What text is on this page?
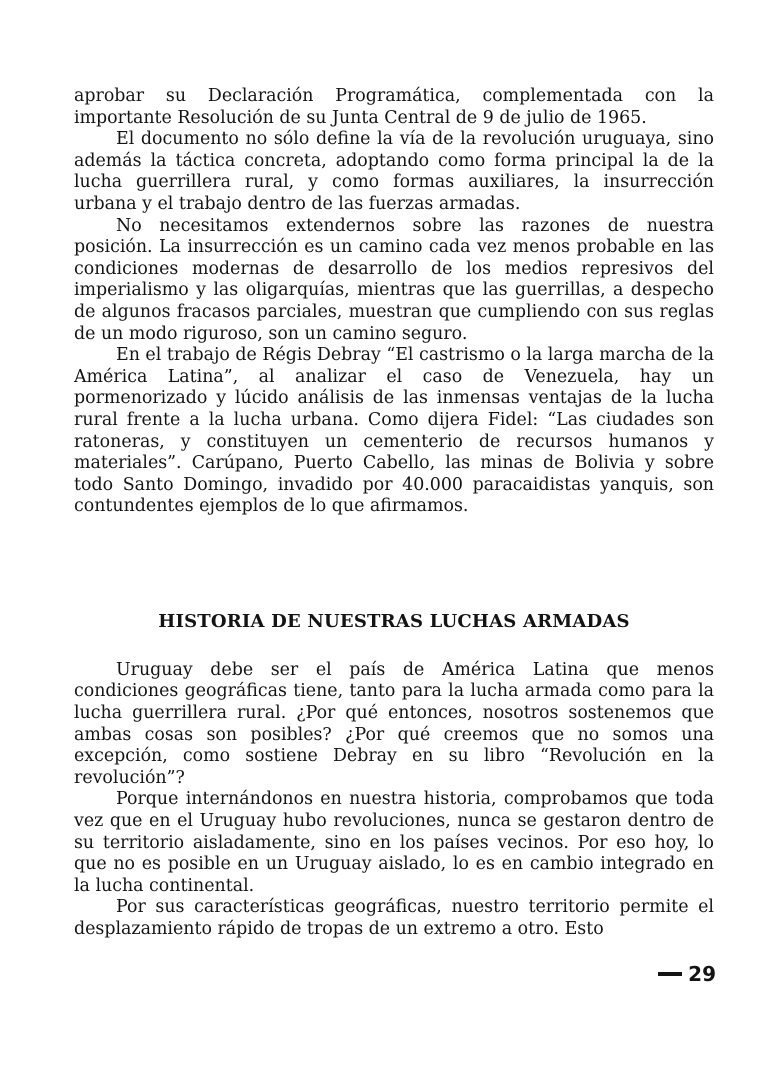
aprobar su Declaración Programática, complementada con la importante Resolución de su Junta Central de 9 de julio de 1965.

El documento no sólo define la vía de la revolución uruguaya, sino además la táctica concreta, adoptando como forma principal la de la lucha guerrillera rural, y como formas auxiliares, la insurrección urbana y el trabajo dentro de las fuerzas armadas.

No necesitamos extendernos sobre las razones de nuestra posición. La insurrección es un camino cada vez menos probable en las condiciones modernas de desarrollo de los medios represivos del imperialismo y las oligarquías, mientras que las guerrillas, a despecho de algunos fracasos parciales, muestran que cumpliendo con sus reglas de un modo riguroso, son un camino seguro.

En el trabajo de Régis Debray “El castrismo o la larga marcha de la América Latina”, al analizar el caso de Venezuela, hay un pormenorizado y lúcido análisis de las inmensas ventajas de la lucha rural frente a la lucha urbana. Como dijera Fidel: “Las ciudades son ratoneras, y constituyen un cementerio de recursos humanos y materiales”. Carúpano, Puerto Cabello, las minas de Bolivia y sobre todo Santo Domingo, invadido por 40.000 paracaidistas yanquis, son contundentes ejemplos de lo que afirmamos.

HISTORIA DE NUESTRAS LUCHAS ARMADAS

Uruguay debe ser el país de América Latina que menos condiciones geográficas tiene, tanto para la lucha armada como para la lucha guerrillera rural. ¿Por qué entonces, nosotros sostenemos que ambas cosas son posibles? ¿Por qué creemos que no somos una excepción, como sostiene Debray en su libro “Revolución en la revolución”?

Porque internándonos en nuestra historia, comprobamos que toda vez que en el Uruguay hubo revoluciones, nunca se gestaron dentro de su territorio aisladamente, sino en los países vecinos. Por eso hoy, lo que no es posible en un Uruguay aislado, lo es en cambio integrado en la lucha continental.

Por sus características geográficas, nuestro territorio permite el desplazamiento rápido de tropas de un extremo a otro. Esto

29
